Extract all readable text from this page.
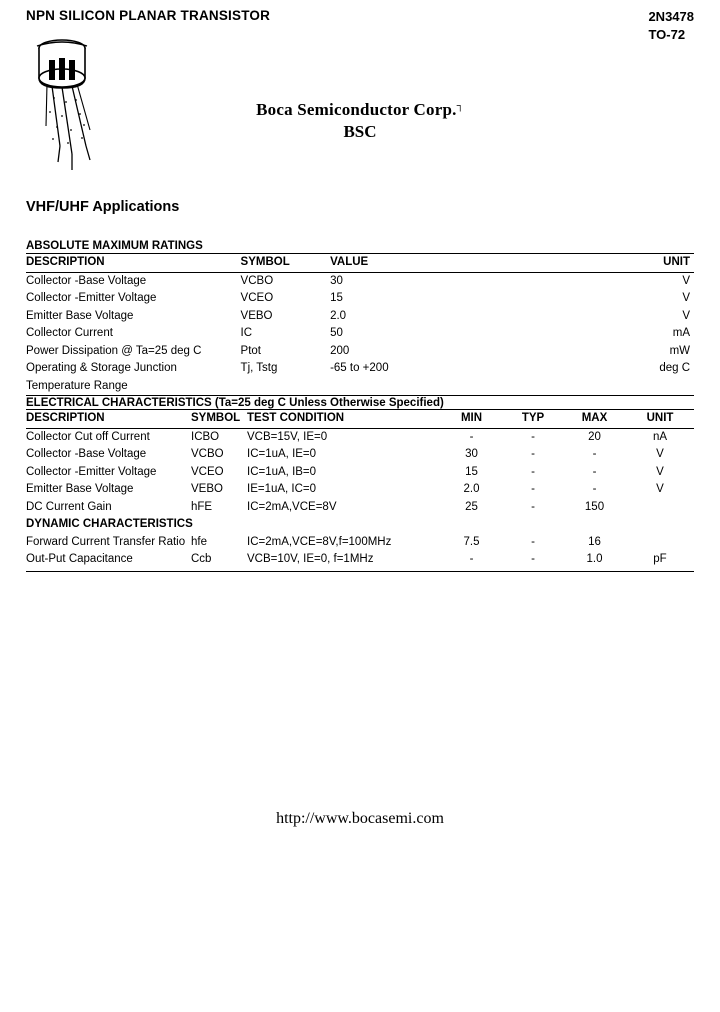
NPN SILICON PLANAR TRANSISTOR	2N3478
TO-72
Boca Semiconductor Corp.┐
BSC
VHF/UHF Applications
ABSOLUTE MAXIMUM RATINGS
DESCRIPTION	SYMBOL	VALUE	UNIT
Collector -Base Voltage	VCBO	30	V
Collector -Emitter Voltage	VCEO	15	V
Emitter Base Voltage	VEBO	2.0	V
Collector Current	IC	50	mA
Power Dissipation @ Ta=25 deg C	Ptot	200	mW
Operating & Storage Junction	Tj, Tstg	-65 to +200	deg C
Temperature Range			
ELECTRICAL CHARACTERISTICS (Ta=25 deg C Unless Otherwise Specified)
DESCRIPTION	SYMBOL	TEST CONDITION	MIN	TYP	MAX	UNIT
Collector Cut off Current	ICBO	VCB=15V, IE=0	-	-	20	nA
Collector -Base Voltage	VCBO	IC=1uA, IE=0	30	-	-	V
Collector -Emitter Voltage	VCEO	IC=1uA, IB=0	15	-	-	V
Emitter Base Voltage	VEBO	IE=1uA, IC=0	2.0	-	-	V
DC Current Gain	hFE	IC=2mA,VCE=8V	25	-	150	
DYNAMIC CHARACTERISTICS						
Forward Current Transfer Ratio	hfe	IC=2mA,VCE=8V,f=100MHz	7.5	-	16	
Out-Put Capacitance	Ccb	VCB=10V, IE=0, f=1MHz	-	-	1.0	pF
http://www.bocasemi.com
